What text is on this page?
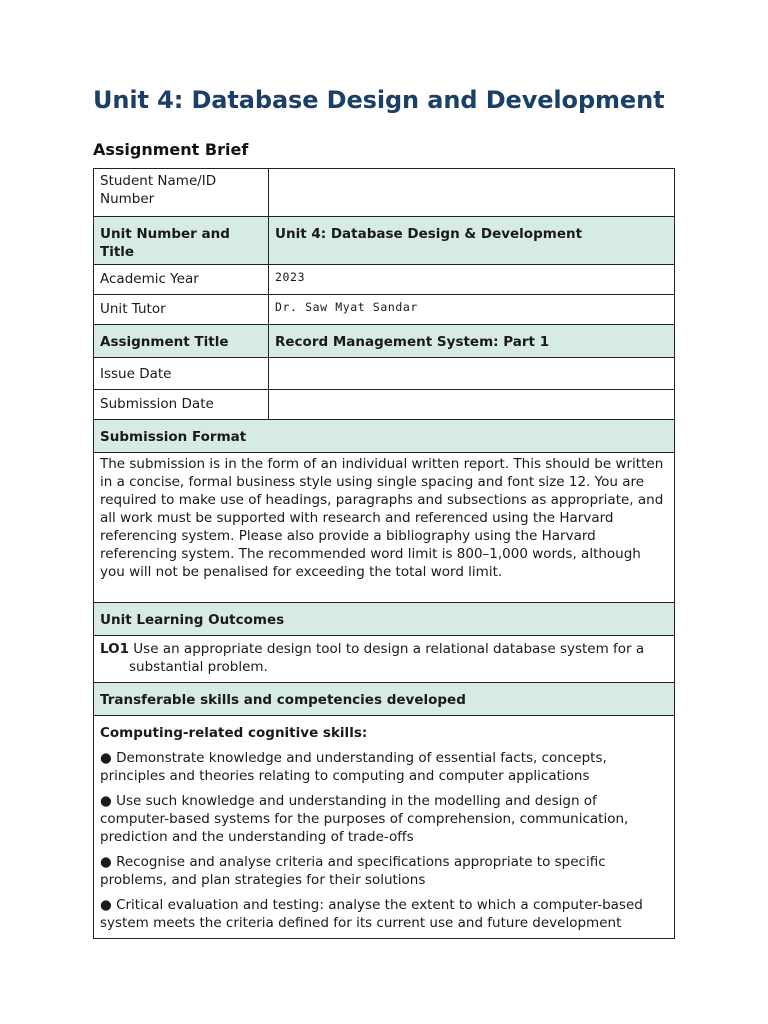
Unit 4: Database Design and Development
Assignment Brief
Student Name/ID Number	
Unit Number and Title	Unit 4: Database Design & Development
Academic Year	2023
Unit Tutor	Dr. Saw Myat Sandar
Assignment Title	Record Management System: Part 1
Issue Date	
Submission Date	
Submission Format	

The submission is in the form of an individual written report. This should be written in a concise, formal business style using single spacing and font size 12. You are required to make use of headings, paragraphs and subsections as appropriate, and all work must be supported with research and referenced using the Harvard referencing system. Please also provide a bibliography using the Harvard referencing system. The recommended word limit is 800–1,000 words, although you will not be penalised for exceeding the total word limit.	

Unit Learning Outcomes	

LO1 Use an appropriate design tool to design a relational database system for a substantial problem.	

Transferable skills and competencies developed	

Computing-related cognitive skills:

● Demonstrate knowledge and understanding of essential facts, concepts, principles and theories relating to computing and computer applications

● Use such knowledge and understanding in the modelling and design of computer-based systems for the purposes of comprehension, communication, prediction and the understanding of trade-offs

● Recognise and analyse criteria and specifications appropriate to specific problems, and plan strategies for their solutions

● Critical evaluation and testing: analyse the extent to which a computer-based system meets the criteria defined for its current use and future development	
